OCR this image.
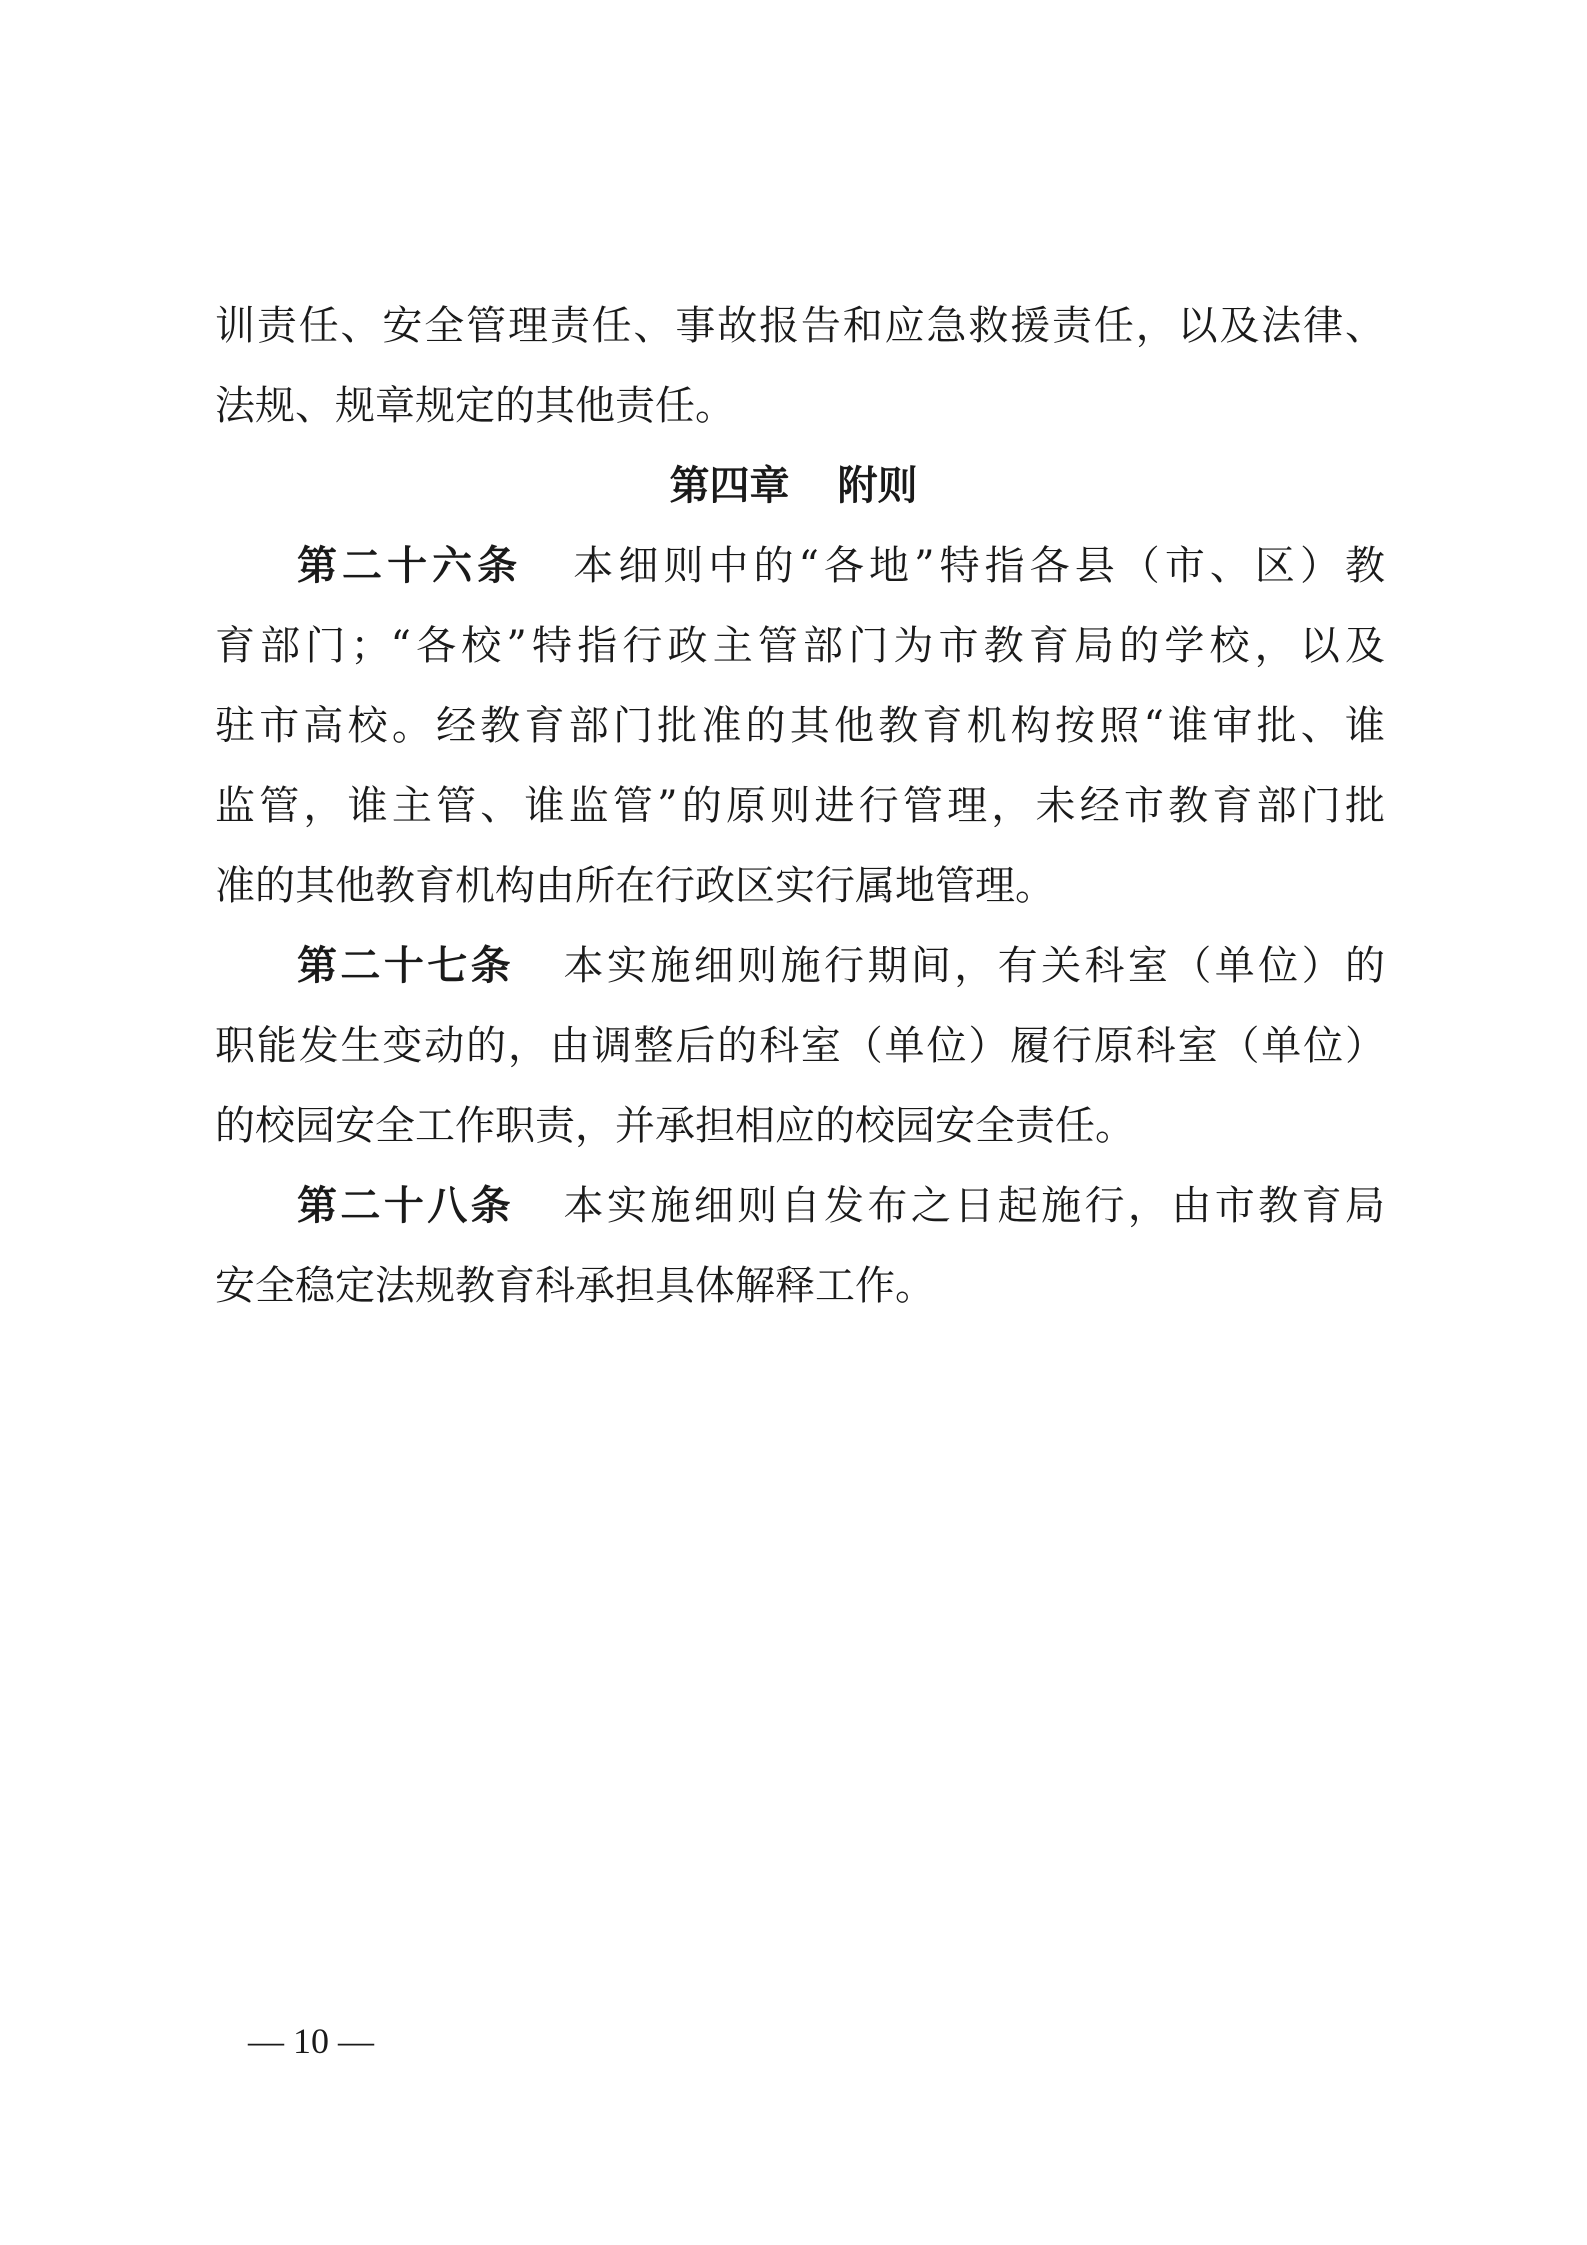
训责任、安全管理责任、事故报告和应急救援责任，以及法律、
法规、规章规定的其他责任。
第四章 附则
第二十六条 本细则中的“各地”特指各县（市、区）教
育部门；“各校”特指行政主管部门为市教育局的学校，以及
驻市高校。经教育部门批准的其他教育机构按照“谁审批、谁
监管，谁主管、谁监管”的原则进行管理，未经市教育部门批
准的其他教育机构由所在行政区实行属地管理。
第二十七条 本实施细则施行期间，有关科室（单位）的
职能发生变动的，由调整后的科室（单位）履行原科室（单位）
的校园安全工作职责，并承担相应的校园安全责任。
第二十八条 本实施细则自发布之日起施行，由市教育局
安全稳定法规教育科承担具体解释工作。
— 10 —
